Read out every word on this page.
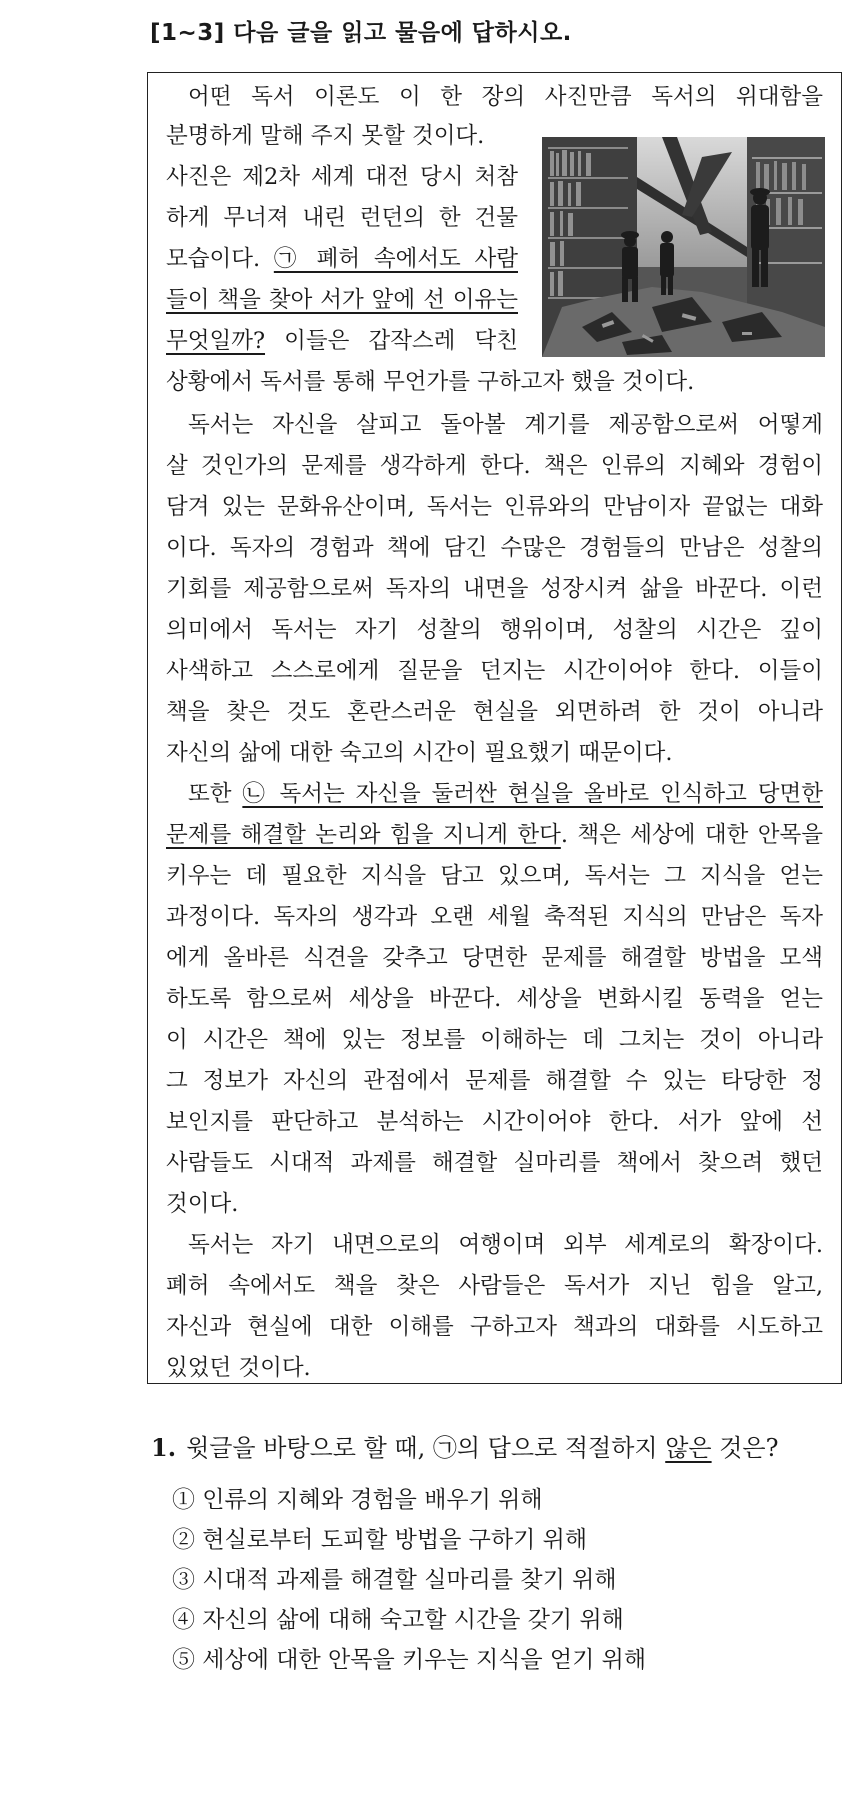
[1~3] 다음 글을 읽고 물음에 답하시오.
어떤 독서 이론도 이 한 장의 사진만큼 독서의 위대함을
분명하게 말해 주지 못할 것이다.
사진은 제2차 세계 대전 당시 처참
하게 무너져 내린 런던의 한 건물
모습이다. ㉠ 폐허 속에서도 사람
들이 책을 찾아 서가 앞에 선 이유는
무엇일까? 이들은 갑작스레 닥친
상황에서 독서를 통해 무언가를 구하고자 했을 것이다.
독서는 자신을 살피고 돌아볼 계기를 제공함으로써 어떻게
살 것인가의 문제를 생각하게 한다. 책은 인류의 지혜와 경험이
담겨 있는 문화유산이며, 독서는 인류와의 만남이자 끝없는 대화
이다. 독자의 경험과 책에 담긴 수많은 경험들의 만남은 성찰의
기회를 제공함으로써 독자의 내면을 성장시켜 삶을 바꾼다. 이런
의미에서 독서는 자기 성찰의 행위이며, 성찰의 시간은 깊이
사색하고 스스로에게 질문을 던지는 시간이어야 한다. 이들이
책을 찾은 것도 혼란스러운 현실을 외면하려 한 것이 아니라
자신의 삶에 대한 숙고의 시간이 필요했기 때문이다.
또한 ㉡ 독서는 자신을 둘러싼 현실을 올바로 인식하고 당면한
문제를 해결할 논리와 힘을 지니게 한다. 책은 세상에 대한 안목을
키우는 데 필요한 지식을 담고 있으며, 독서는 그 지식을 얻는
과정이다. 독자의 생각과 오랜 세월 축적된 지식의 만남은 독자
에게 올바른 식견을 갖추고 당면한 문제를 해결할 방법을 모색
하도록 함으로써 세상을 바꾼다. 세상을 변화시킬 동력을 얻는
이 시간은 책에 있는 정보를 이해하는 데 그치는 것이 아니라
그 정보가 자신의 관점에서 문제를 해결할 수 있는 타당한 정
보인지를 판단하고 분석하는 시간이어야 한다. 서가 앞에 선
사람들도 시대적 과제를 해결할 실마리를 책에서 찾으려 했던
것이다.
독서는 자기 내면으로의 여행이며 외부 세계로의 확장이다.
폐허 속에서도 책을 찾은 사람들은 독서가 지닌 힘을 알고,
자신과 현실에 대한 이해를 구하고자 책과의 대화를 시도하고
있었던 것이다.
1. 윗글을 바탕으로 할 때, ㉠의 답으로 적절하지 않은 것은?
① 인류의 지혜와 경험을 배우기 위해
② 현실로부터 도피할 방법을 구하기 위해
③ 시대적 과제를 해결할 실마리를 찾기 위해
④ 자신의 삶에 대해 숙고할 시간을 갖기 위해
⑤ 세상에 대한 안목을 키우는 지식을 얻기 위해
